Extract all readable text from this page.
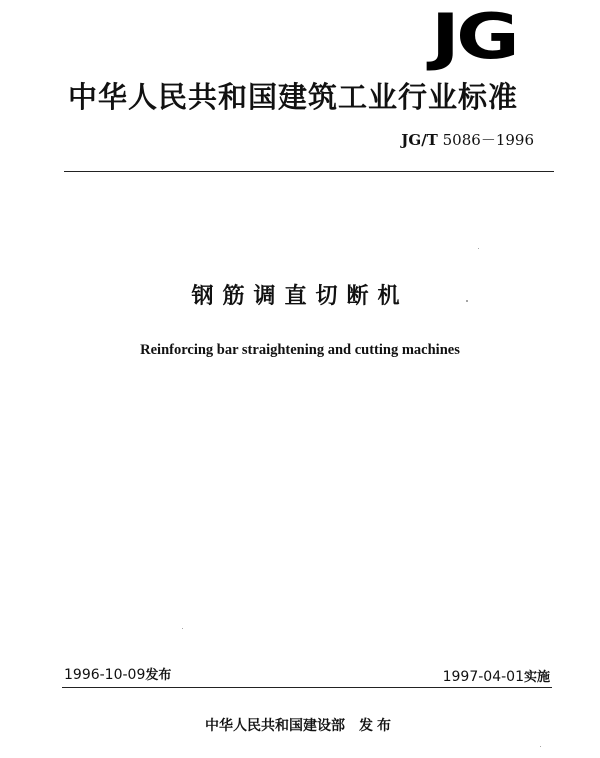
JG
中华人民共和国建筑工业行业标准
JG/T 5086－1996
钢筋调直切断机
Reinforcing bar straightening and cutting machines
1996-10-09发布	1997-04-01实施
中华人民共和国建设部 发布
